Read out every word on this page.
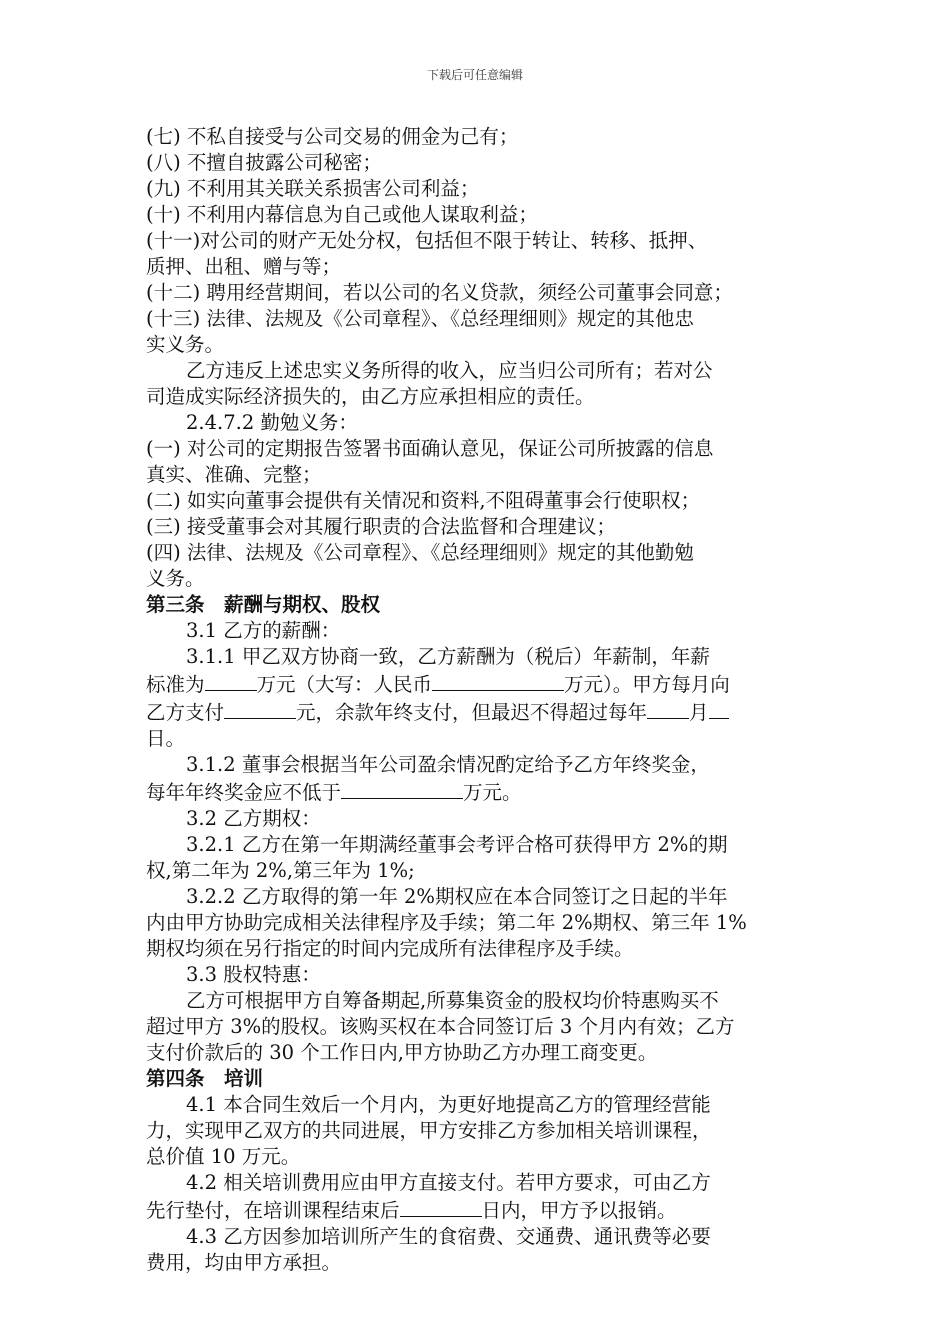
下载后可任意编辑

(七) 不私自接受与公司交易的佣金为己有；

(八) 不擅自披露公司秘密；

(九) 不利用其关联关系损害公司利益；

(十) 不利用内幕信息为自己或他人谋取利益；

(十一)对公司的财产无处分权，包括但不限于转让、转移、抵押、

质押、出租、赠与等；

(十二) 聘用经营期间，若以公司的名义贷款，须经公司董事会同意；

(十三) 法律、法规及《公司章程》、《总经理细则》规定的其他忠

实义务。

乙方违反上述忠实义务所得的收入，应当归公司所有；若对公

司造成实际经济损失的，由乙方应承担相应的责任。

2.4.7.2 勤勉义务：

(一) 对公司的定期报告签署书面确认意见，保证公司所披露的信息

真实、准确、完整；

(二) 如实向董事会提供有关情况和资料,不阻碍董事会行使职权；

(三) 接受董事会对其履行职责的合法监督和合理建议；

(四) 法律、法规及《公司章程》、《总经理细则》规定的其他勤勉

义务。

第三条　薪酬与期权、股权

3.1 乙方的薪酬：

3.1.1 甲乙双方协商一致，乙方薪酬为（税后）年薪制，年薪

标准为	万元（大写：人民币	万元）。甲方每月向

乙方支付	元，余款年终支付，但最迟不得超过每年 月

日。

3.1.2 董事会根据当年公司盈余情况酌定给予乙方年终奖金，

每年年终奖金应不低于	万元。

3.2 乙方期权：

3.2.1 乙方在第一年期满经董事会考评合格可获得甲方 2%的期

权,第二年为 2%,第三年为 1%;

3.2.2 乙方取得的第一年 2%期权应在本合同签订之日起的半年

内由甲方协助完成相关法律程序及手续；第二年 2%期权、第三年 1%

期权均须在另行指定的时间内完成所有法律程序及手续。

3.3 股权特惠：

乙方可根据甲方自筹备期起,所募集资金的股权均价特惠购买不

超过甲方 3%的股权。该购买权在本合同签订后 3 个月内有效；乙方

支付价款后的 30 个工作日内,甲方协助乙方办理工商变更。

第四条　培训

4.1 本合同生效后一个月内，为更好地提高乙方的管理经营能

力，实现甲乙双方的共同进展，甲方安排乙方参加相关培训课程，

总价值 10 万元。

4.2 相关培训费用应由甲方直接支付。若甲方要求，可由乙方

先行垫付，在培训课程结束后	日内，甲方予以报销。

4.3 乙方因参加培训所产生的食宿费、交通费、通讯费等必要

费用，均由甲方承担。
